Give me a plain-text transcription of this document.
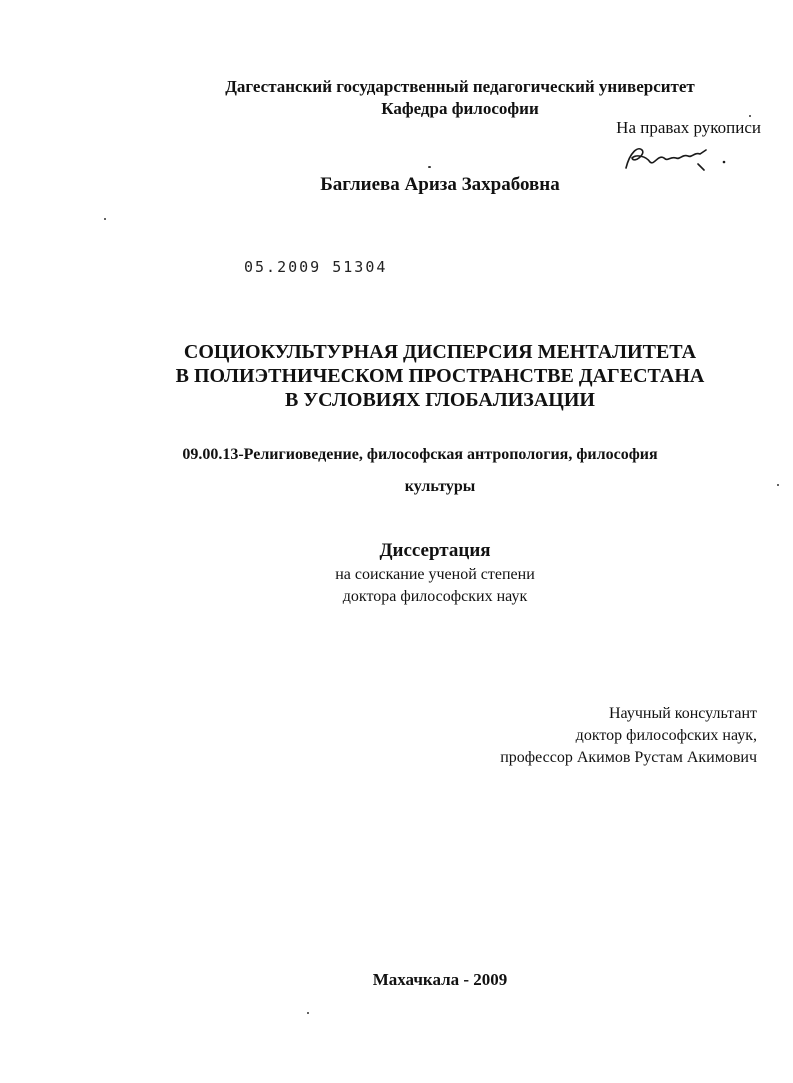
Дагестанский государственный педагогический университет
Кафедра философии
На правах рукописи
Баглиева Ариза Захрабовна
05.2009 51304
СОЦИОКУЛЬТУРНАЯ ДИСПЕРСИЯ МЕНТАЛИТЕТА
В ПОЛИЭТНИЧЕСКОМ ПРОСТРАНСТВЕ ДАГЕСТАНА
В УСЛОВИЯХ ГЛОБАЛИЗАЦИИ
09.00.13-Религиоведение, философская антропология, философия
культуры
Диссертация
на соискание ученой степени
доктора философских наук
Научный консультант
доктор философских наук,
профессор Акимов Рустам Акимович
Махачкала - 2009
